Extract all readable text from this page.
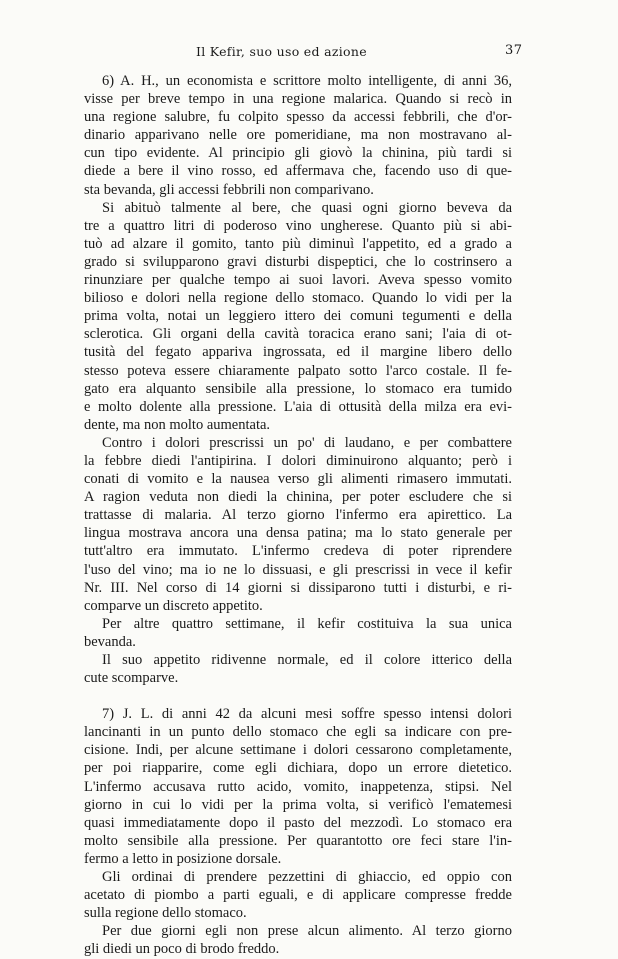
Il Kefir, suo uso ed azione	37
6) A. H., un economista e scrittore molto intelligente, di anni 36,
visse per breve tempo in una regione malarica. Quando si recò in
una regione salubre, fu colpito spesso da accessi febbrili, che d'or-
dinario apparivano nelle ore pomeridiane, ma non mostravano al-
cun tipo evidente. Al principio gli giovò la chinina, più tardi si
diede a bere il vino rosso, ed affermava che, facendo uso di que-
sta bevanda, gli accessi febbrili non comparivano.
Si abituò talmente al bere, che quasi ogni giorno beveva da
tre a quattro litri di poderoso vino ungherese. Quanto più si abi-
tuò ad alzare il gomito, tanto più diminuì l'appetito, ed a grado a
grado si svilupparono gravi disturbi dispeptici, che lo costrinsero a
rinunziare per qualche tempo ai suoi lavori. Aveva spesso vomito
bilioso e dolori nella regione dello stomaco. Quando lo vidi per la
prima volta, notai un leggiero ittero dei comuni tegumenti e della
sclerotica. Gli organi della cavità toracica erano sani; l'aia di ot-
tusità del fegato appariva ingrossata, ed il margine libero dello
stesso poteva essere chiaramente palpato sotto l'arco costale. Il fe-
gato era alquanto sensibile alla pressione, lo stomaco era tumido
e molto dolente alla pressione. L'aia di ottusità della milza era evi-
dente, ma non molto aumentata.
Contro i dolori prescrissi un po' di laudano, e per combattere
la febbre diedi l'antipirina. I dolori diminuirono alquanto; però i
conati di vomito e la nausea verso gli alimenti rimasero immutati.
A ragion veduta non diedi la chinina, per poter escludere che si
trattasse di malaria. Al terzo giorno l'infermo era apirettico. La
lingua mostrava ancora una densa patina; ma lo stato generale per
tutt'altro era immutato. L'infermo credeva di poter riprendere
l'uso del vino; ma io ne lo dissuasi, e gli prescrissi in vece il kefir
Nr. III. Nel corso di 14 giorni si dissiparono tutti i disturbi, e ri-
comparve un discreto appetito.
Per altre quattro settimane, il kefir costituiva la sua unica
bevanda.
Il suo appetito ridivenne normale, ed il colore itterico della
cute scomparve.
7) J. L. di anni 42 da alcuni mesi soffre spesso intensi dolori
lancinanti in un punto dello stomaco che egli sa indicare con pre-
cisione. Indi, per alcune settimane i dolori cessarono completamente,
per poi riapparire, come egli dichiara, dopo un errore dietetico.
L'infermo accusava rutto acido, vomito, inappetenza, stipsi. Nel
giorno in cui lo vidi per la prima volta, si verificò l'ematemesi
quasi immediatamente dopo il pasto del mezzodì. Lo stomaco era
molto sensibile alla pressione. Per quarantotto ore feci stare l'in-
fermo a letto in posizione dorsale.
Gli ordinai di prendere pezzettini di ghiaccio, ed oppio con
acetato di piombo a parti eguali, e di applicare compresse fredde
sulla regione dello stomaco.
Per due giorni egli non prese alcun alimento. Al terzo giorno
gli diedi un poco di brodo freddo.
